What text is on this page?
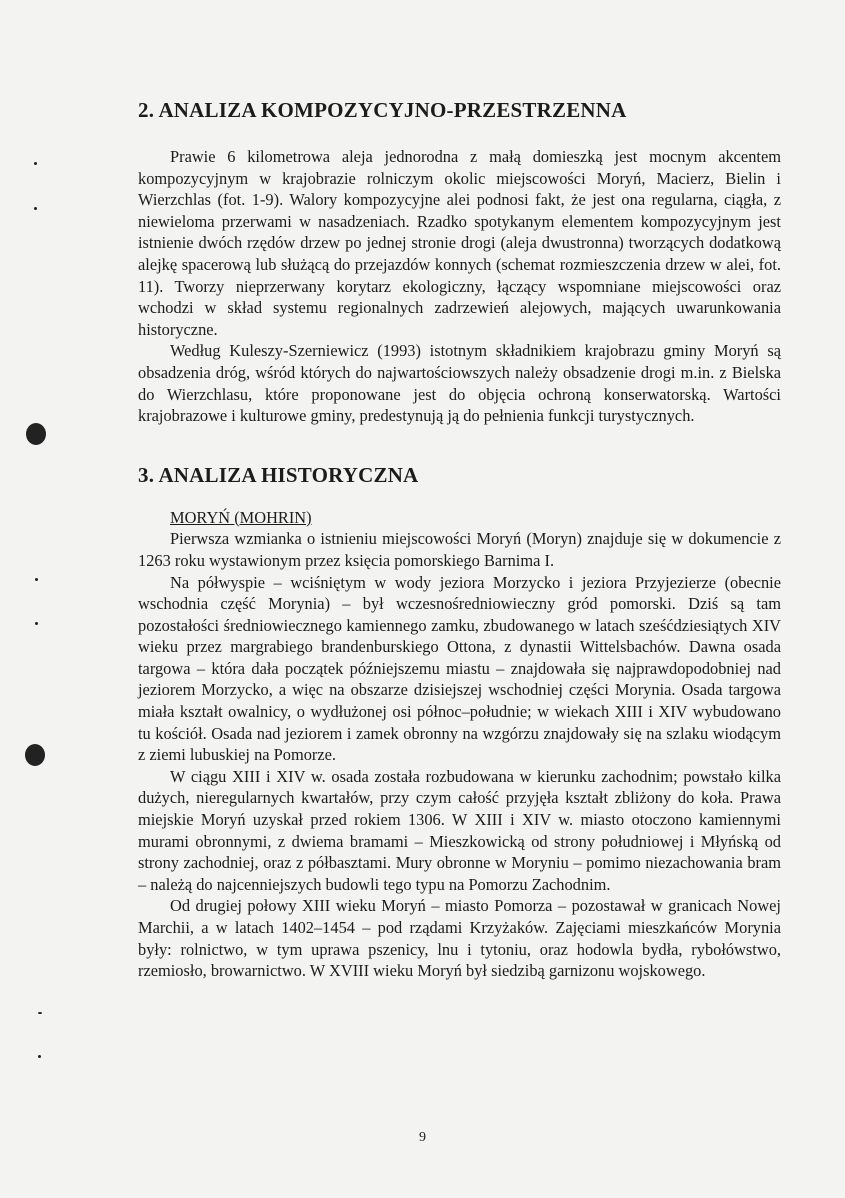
2. ANALIZA KOMPOZYCYJNO-PRZESTRZENNA

Prawie 6 kilometrowa aleja jednorodna z małą domieszką jest mocnym akcentem kompozycyjnym w krajobrazie rolniczym okolic miejscowości Moryń, Macierz, Bielin i Wierzchlas (fot. 1-9). Walory kompozycyjne alei podnosi fakt, że jest ona regularna, ciągła, z niewieloma przerwami w nasadzeniach. Rzadko spotykanym elementem kompozycyjnym jest istnienie dwóch rzędów drzew po jednej stronie drogi (aleja dwustronna) tworzących dodatkową alejkę spacerową lub służącą do przejazdów konnych (schemat rozmieszczenia drzew w alei, fot. 11). Tworzy nieprzerwany korytarz ekologiczny, łączący wspomniane miejscowości oraz wchodzi w skład systemu regionalnych zadrzewień alejowych, mających uwarunkowania historyczne.

Według Kuleszy-Szerniewicz (1993) istotnym składnikiem krajobrazu gminy Moryń są obsadzenia dróg, wśród których do najwartościowszych należy obsadzenie drogi m.in. z Bielska do Wierzchlasu, które proponowane jest do objęcia ochroną konserwatorską. Wartości krajobrazowe i kulturowe gminy, predestynują ją do pełnienia funkcji turystycznych.

3. ANALIZA HISTORYCZNA
MORYŃ (MOHRIN)

Pierwsza wzmianka o istnieniu miejscowości Moryń (Moryn) znajduje się w dokumencie z 1263 roku wystawionym przez księcia pomorskiego Barnima I.

Na półwyspie – wciśniętym w wody jeziora Morzycko i jeziora Przyjezierze (obecnie wschodnia część Morynia) – był wczesnośredniowieczny gród pomorski. Dziś są tam pozostałości średniowiecznego kamiennego zamku, zbudowanego w latach sześćdziesiątych XIV wieku przez margrabiego brandenburskiego Ottona, z dynastii Wittelsbachów. Dawna osada targowa – która dała początek późniejszemu miastu – znajdowała się najprawdopodobniej nad jeziorem Morzycko, a więc na obszarze dzisiejszej wschodniej części Morynia. Osada targowa miała kształt owalnicy, o wydłużonej osi północ–południe; w wiekach XIII i XIV wybudowano tu kościół. Osada nad jeziorem i zamek obronny na wzgórzu znajdowały się na szlaku wiodącym z ziemi lubuskiej na Pomorze.

W ciągu XIII i XIV w. osada została rozbudowana w kierunku zachodnim; powstało kilka dużych, nieregularnych kwartałów, przy czym całość przyjęła kształt zbliżony do koła. Prawa miejskie Moryń uzyskał przed rokiem 1306. W XIII i XIV w. miasto otoczono kamiennymi murami obronnymi, z dwiema bramami – Mieszkowicką od strony południowej i Młyńską od strony zachodniej, oraz z półbasztami. Mury obronne w Moryniu – pomimo niezachowania bram – należą do najcenniejszych budowli tego typu na Pomorzu Zachodnim.

Od drugiej połowy XIII wieku Moryń – miasto Pomorza – pozostawał w granicach Nowej Marchii, a w latach 1402–1454 – pod rządami Krzyżaków. Zajęciami mieszkańców Morynia były: rolnictwo, w tym uprawa pszenicy, lnu i tytoniu, oraz hodowla bydła, rybołówstwo, rzemiosło, browarnictwo. W XVIII wieku Moryń był siedzibą garnizonu wojskowego.

9
